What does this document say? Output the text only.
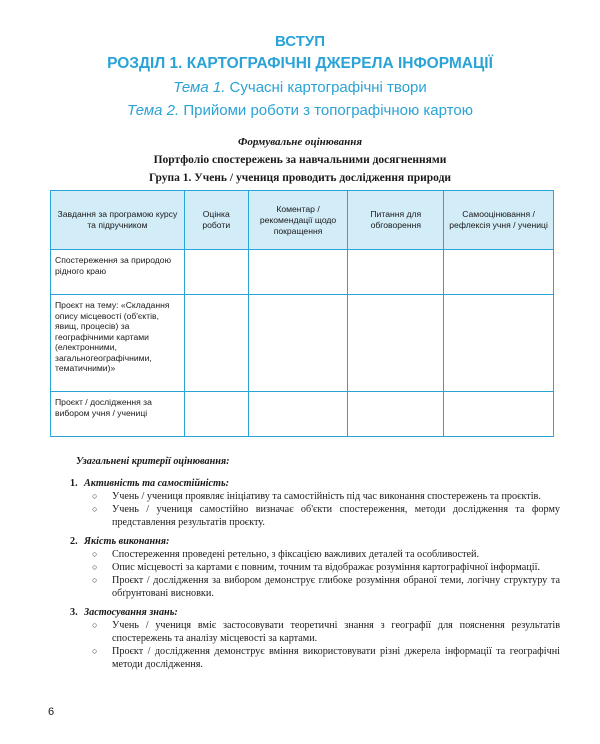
ВСТУП
РОЗДІЛ 1. КАРТОГРАФІЧНІ ДЖЕРЕЛА ІНФОРМАЦІЇ
Тема 1. Сучасні картографічні твори
Тема 2. Прийоми роботи з топографічною картою
Формувальне оцінювання
Портфоліо спостережень за навчальними досягненнями
Група 1. Учень / учениця проводить дослідження природи
Завдання за програмою курсу та підручником	Оцінка роботи	Коментар / рекомендації щодо покращення	Питання для обговорення	Самооцінювання / рефлексія учня / учениці
Спостереження за природою рідного краю				
Проєкт на тему: «Складання опису місцевості (об'єктів, явищ, процесів) за географічними картами (електронними, загальногеографічними, тематичними)»				
Проєкт / дослідження за вибором учня / учениці				
Узагальнені критерії оцінювання:
1. Активність та самостійність:
○ Учень / учениця проявляє ініціативу та самостійність під час виконання спостережень та проєктів.
○ Учень / учениця самостійно визначає об'єкти спостереження, методи дослідження та форму представлення результатів проєкту.
2. Якість виконання:
○ Спостереження проведені ретельно, з фіксацією важливих деталей та особливостей.
○ Опис місцевості за картами є повним, точним та відображає розуміння картографічної інформації.
○ Проєкт / дослідження за вибором демонструє глибоке розуміння обраної теми, логічну структуру та обґрунтовані висновки.
3. Застосування знань:
○ Учень / учениця вміє застосовувати теоретичні знання з географії для пояснення результатів спостережень та аналізу місцевості за картами.
○ Проєкт / дослідження демонструє вміння використовувати різні джерела інформації та географічні методи дослідження.
6
